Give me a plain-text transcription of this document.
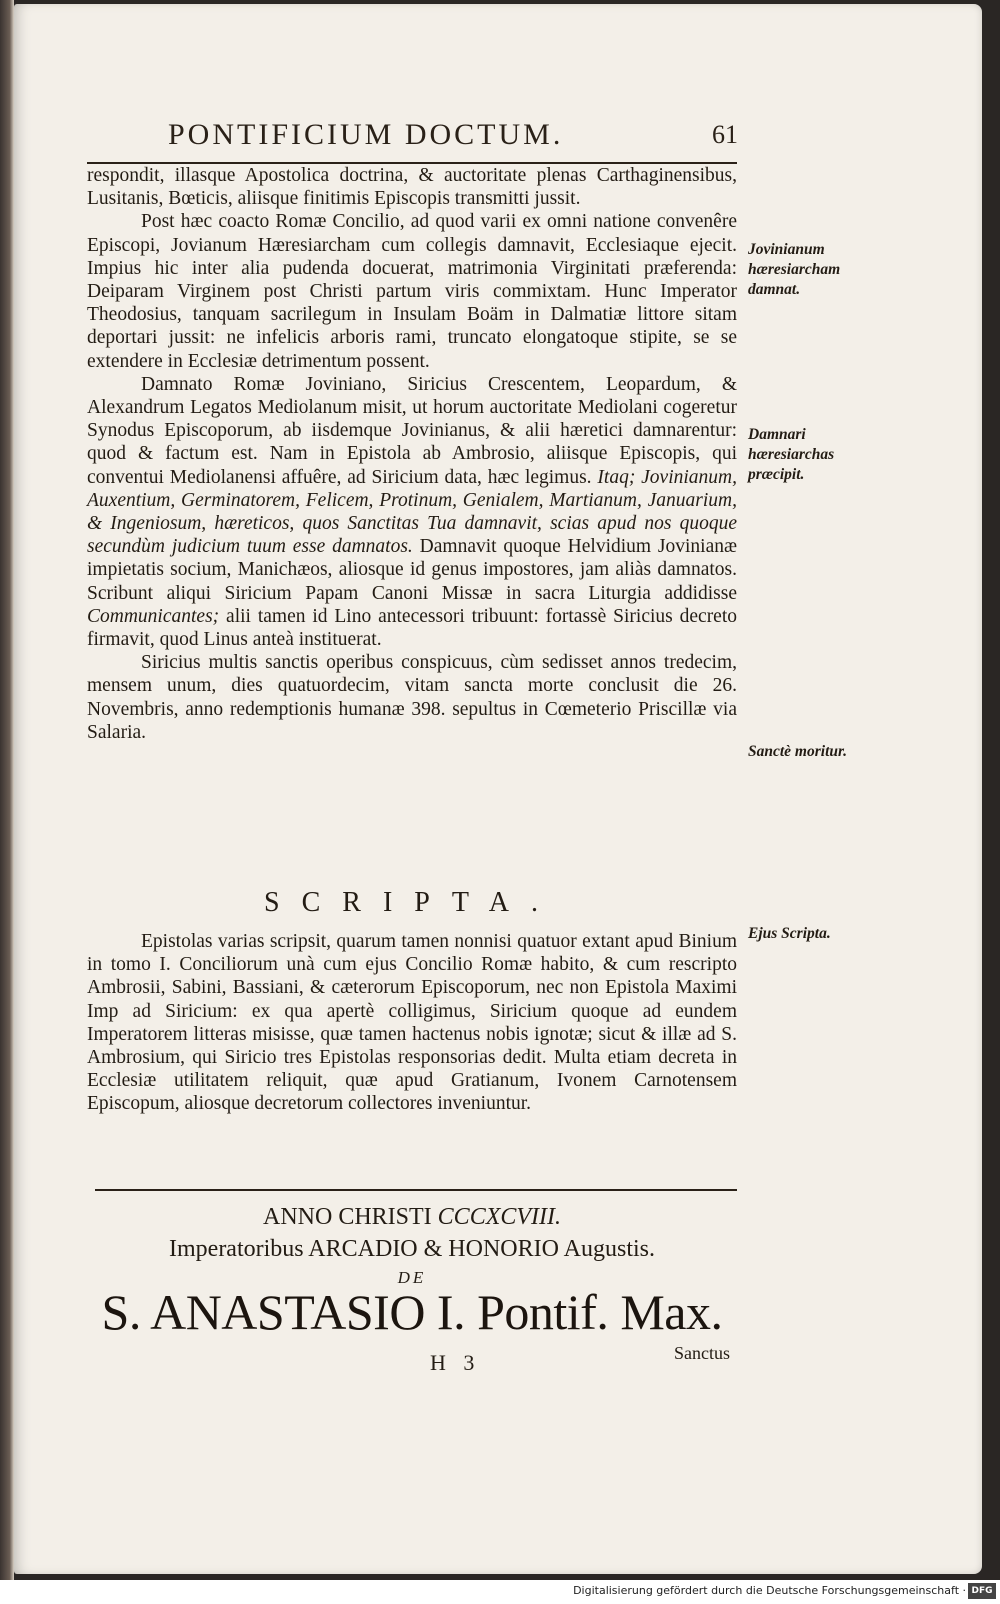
PONTIFICIUM DOCTUM.	61

respondit, illasque Apostolica doctrina, & auctoritate plenas Carthaginensibus, Lusitanis, Bœticis, aliisque finitimis Episcopis transmitti jussit.

Post hæc coacto Romæ Concilio, ad quod varii ex omni natione convenêre Episcopi, Jovianum Hæresiarcham cum collegis damnavit, Ecclesiaque ejecit. Impius hic inter alia pudenda docuerat, matrimonia Virginitati præferenda: Deiparam Virginem post Christi partum viris commixtam. Hunc Imperator Theodosius, tanquam sacrilegum in Insulam Boäm in Dalmatiæ littore sitam deportari jussit: ne infelicis arboris rami, truncato elongatoque stipite, se se extendere in Ecclesiæ detrimentum possent.

Damnato Romæ Joviniano, Siricius Crescentem, Leopardum, & Alexandrum Legatos Mediolanum misit, ut horum auctoritate Mediolani cogeretur Synodus Episcoporum, ab iisdemque Jovinianus, & alii hæretici damnarentur: quod & factum est. Nam in Epistola ab Ambrosio, aliisque Episcopis, qui conventui Mediolanensi affuêre, ad Siricium data, hæc legimus. Itaq; Jovinianum, Auxentium, Germinatorem, Felicem, Protinum, Genialem, Martianum, Januarium, & Ingeniosum, hæreticos, quos Sanctitas Tua damnavit, scias apud nos quoque secundùm judicium tuum esse damnatos. Damnavit quoque Helvidium Jovinianæ impietatis socium, Manichæos, aliosque id genus impostores, jam aliàs damnatos. Scribunt aliqui Siricium Papam Canoni Missæ in sacra Liturgia addidisse Communicantes; alii tamen id Lino antecessori tribuunt: fortassè Siricius decreto firmavit, quod Linus anteà instituerat.

Siricius multis sanctis operibus conspicuus, cùm sedisset annos tredecim, mensem unum, dies quatuordecim, vitam sancta morte conclusit die 26. Novembris, anno redemptionis humanæ 398. sepultus in Cœmeterio Priscillæ via Salaria.

Jovinianum hæresiarcham damnat.
Damnari hæresiarchas præcipit.
Sanctè moritur.
Ejus Scripta.
SCRIPTA.

Epistolas varias scripsit, quarum tamen nonnisi quatuor extant apud Binium in tomo I. Conciliorum unà cum ejus Concilio Romæ habito, & cum rescripto Ambrosii, Sabini, Bassiani, & cæterorum Episcoporum, nec non Epistola Maximi Imp ad Siricium: ex qua apertè colligimus, Siricium quoque ad eundem Imperatorem litteras misisse, quæ tamen hactenus nobis ignotæ; sicut & illæ ad S. Ambrosium, qui Siricio tres Epistolas responsorias dedit. Multa etiam decreta in Ecclesiæ utilitatem reliquit, quæ apud Gratianum, Ivonem Carnotensem Episcopum, aliosque decretorum collectores inveniuntur.

ANNO CHRISTI CCCXCVIII.
Imperatoribus ARCADIO & HONORIO Augustis.
DE
S. ANASTASIO I. Pontif. Max.
H 3	Sanctus
Digitalisierung gefördert durch die Deutsche Forschungsgemeinschaft · DFG
